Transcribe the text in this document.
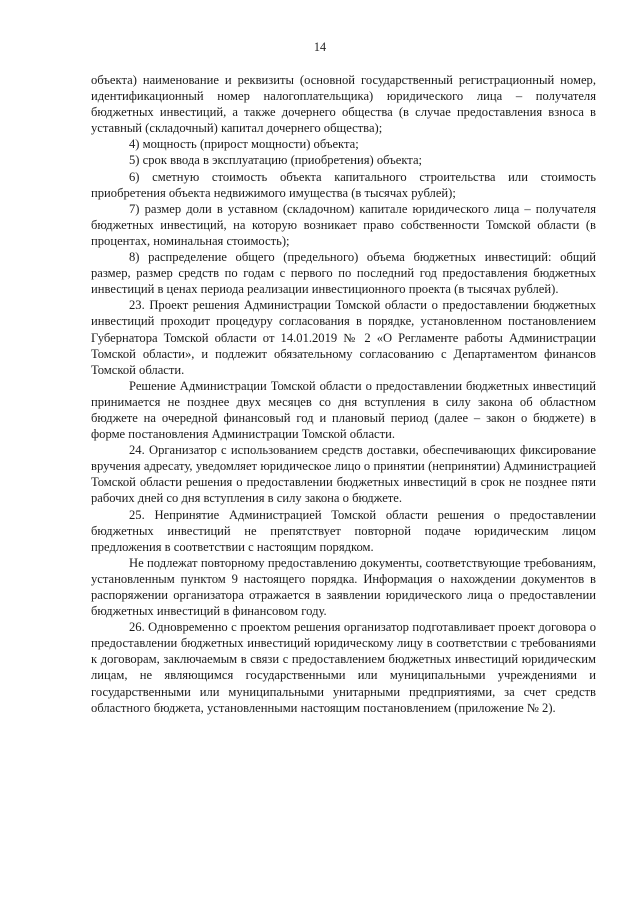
14

объекта) наименование и реквизиты (основной государственный регистрационный номер, идентификационный номер налогоплательщика) юридического лица – получателя бюджетных инвестиций, а также дочернего общества (в случае предоставления взноса в уставный (складочный) капитал дочернего общества);

4) мощность (прирост мощности) объекта;

5) срок ввода в эксплуатацию (приобретения) объекта;

6) сметную стоимость объекта капитального строительства или стоимость приобретения объекта недвижимого имущества (в тысячах рублей);

7) размер доли в уставном (складочном) капитале юридического лица – получателя бюджетных инвестиций, на которую возникает право собственности Томской области (в процентах, номинальная стоимость);

8) распределение общего (предельного) объема бюджетных инвестиций: общий размер, размер средств по годам с первого по последний год предоставления бюджетных инвестиций в ценах периода реализации инвестиционного проекта (в тысячах рублей).

23. Проект решения Администрации Томской области о предоставлении бюджетных инвестиций проходит процедуру согласования в порядке, установленном постановлением Губернатора Томской области от 14.01.2019 № 2 «О Регламенте работы Администрации Томской области», и подлежит обязательному согласованию с Департаментом финансов Томской области.

Решение Администрации Томской области о предоставлении бюджетных инвестиций принимается не позднее двух месяцев со дня вступления в силу закона об областном бюджете на очередной финансовый год и плановый период (далее – закон о бюджете) в форме постановления Администрации Томской области.

24. Организатор с использованием средств доставки, обеспечивающих фиксирование вручения адресату, уведомляет юридическое лицо о принятии (непринятии) Администрацией Томской области решения о предоставлении бюджетных инвестиций в срок не позднее пяти рабочих дней со дня вступления в силу закона о бюджете.

25. Непринятие Администрацией Томской области решения о предоставлении бюджетных инвестиций не препятствует повторной подаче юридическим лицом предложения в соответствии с настоящим порядком.

Не подлежат повторному предоставлению документы, соответствующие требованиям, установленным пунктом 9 настоящего порядка. Информация о нахождении документов в распоряжении организатора отражается в заявлении юридического лица о предоставлении бюджетных инвестиций в финансовом году.

26. Одновременно с проектом решения организатор подготавливает проект договора о предоставлении бюджетных инвестиций юридическому лицу в соответствии с требованиями к договорам, заключаемым в связи с предоставлением бюджетных инвестиций юридическим лицам, не являющимся государственными или муниципальными учреждениями и государственными или муниципальными унитарными предприятиями, за счет средств областного бюджета, установленными настоящим постановлением (приложение № 2).
